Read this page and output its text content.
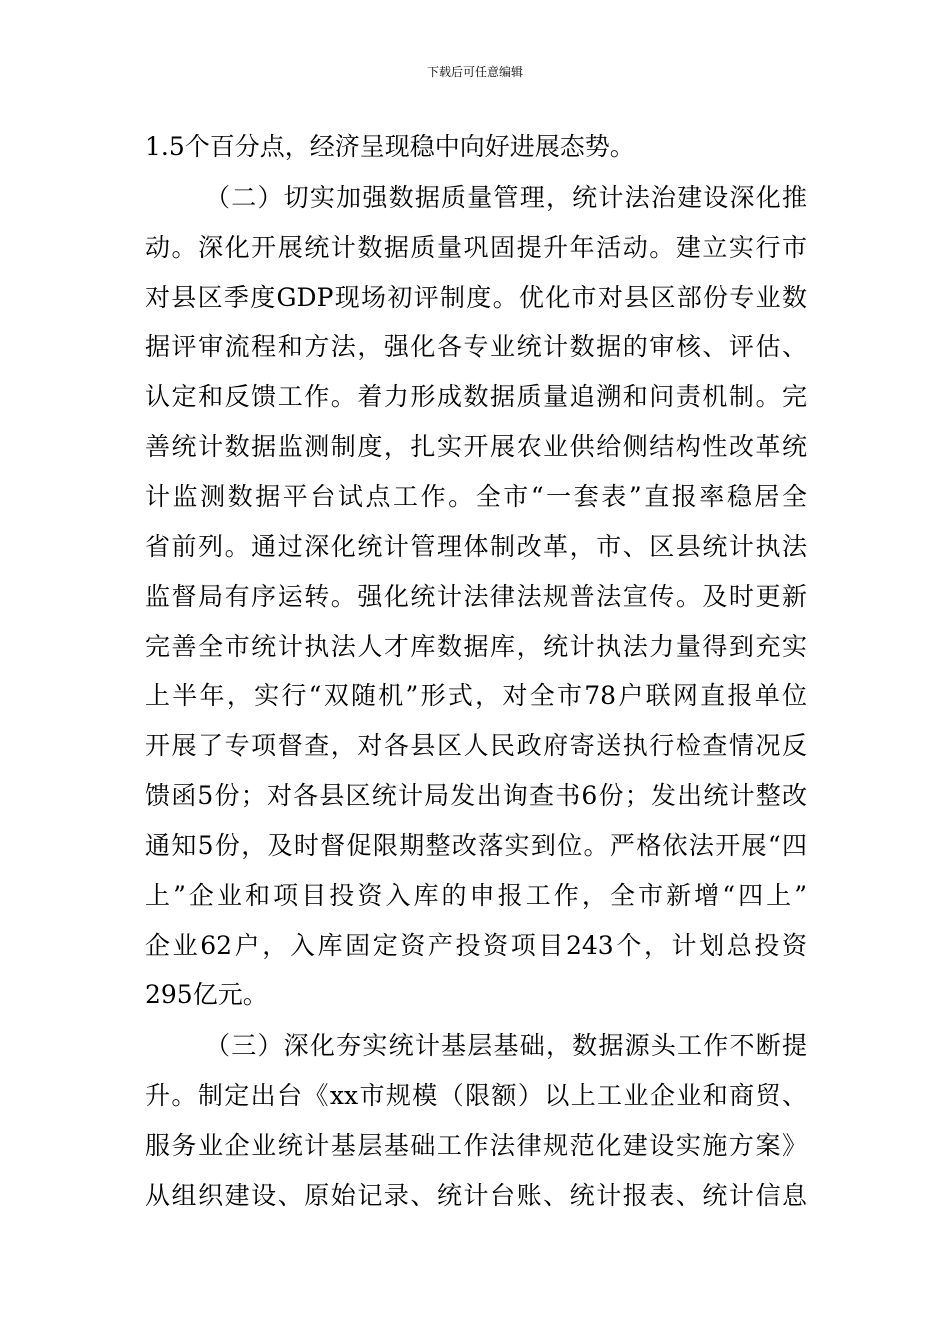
下载后可任意编辑
1.5个百分点，经济呈现稳中向好进展态势。
（二）切实加强数据质量管理，统计法治建设深化推
动。深化开展统计数据质量巩固提升年活动。建立实行市
对县区季度GDP现场初评制度。优化市对县区部份专业数
据评审流程和方法，强化各专业统计数据的审核、评估、
认定和反馈工作。着力形成数据质量追溯和问责机制。完
善统计数据监测制度，扎实开展农业供给侧结构性改革统
计监测数据平台试点工作。全市“一套表”直报率稳居全
省前列。通过深化统计管理体制改革，市、区县统计执法
监督局有序运转。强化统计法律法规普法宣传。及时更新
完善全市统计执法人才库数据库，统计执法力量得到充实
上半年，实行“双随机”形式，对全市78户联网直报单位
开展了专项督查，对各县区人民政府寄送执行检查情况反
馈函5份；对各县区统计局发出询查书6份；发出统计整改
通知5份，及时督促限期整改落实到位。严格依法开展“四
上”企业和项目投资入库的申报工作，全市新增“四上”
企业62户，入库固定资产投资项目243个，计划总投资
295亿元。
（三）深化夯实统计基层基础，数据源头工作不断提
升。制定出台《xx市规模（限额）以上工业企业和商贸、
服务业企业统计基层基础工作法律规范化建设实施方案》
从组织建设、原始记录、统计台账、统计报表、统计信息
